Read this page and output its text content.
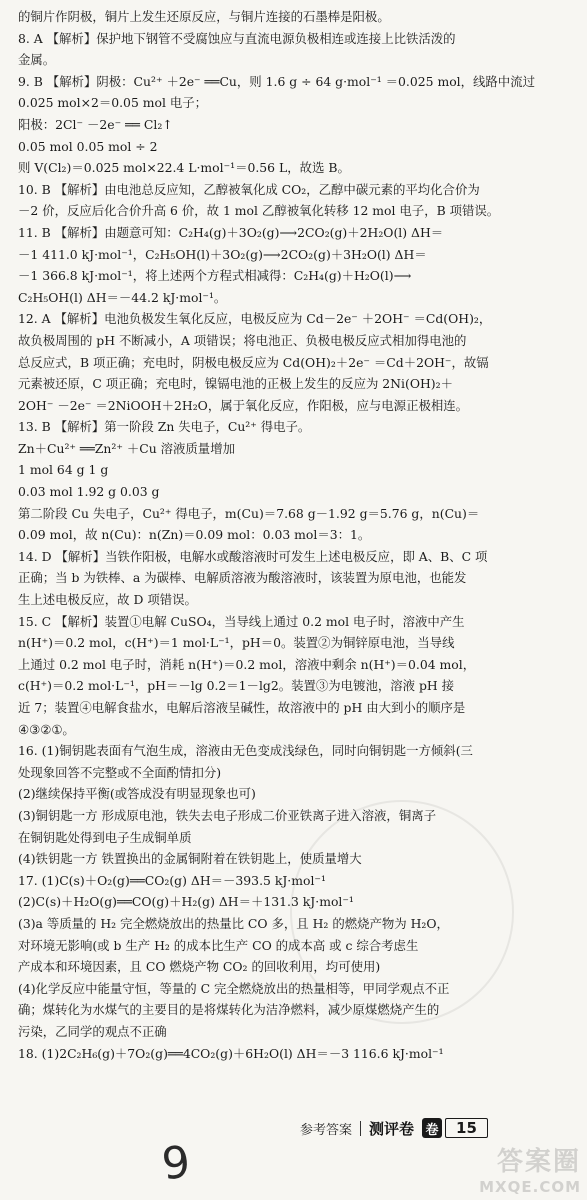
的铜片作阴极，铜片上发生还原反应，与铜片连接的石墨棒是阳极。
8. A 【解析】保护地下钢管不受腐蚀应与直流电源负极相连或连接上比铁活泼的
金属。
9. B 【解析】阴极：Cu²⁺ ＋2e⁻ ══Cu，则 1.6 g ÷ 64 g·mol⁻¹ ＝0.025 mol，线路中流过
0.025 mol×2＝0.05 mol 电子；
阳极：2Cl⁻ －2e⁻ ══ Cl₂↑
0.05 mol 0.05 mol ÷ 2
则 V(Cl₂)＝0.025 mol×22.4 L·mol⁻¹＝0.56 L，故选 B。
10. B 【解析】由电池总反应知，乙醇被氧化成 CO₂，乙醇中碳元素的平均化合价为
－2 价，反应后化合价升高 6 价，故 1 mol 乙醇被氧化转移 12 mol 电子，B 项错误。
11. B 【解析】由题意可知：C₂H₄(g)＋3O₂(g)⟶2CO₂(g)＋2H₂O(l) ΔH＝
－1 411.0 kJ·mol⁻¹，C₂H₅OH(l)＋3O₂(g)⟶2CO₂(g)＋3H₂O(l) ΔH＝
－1 366.8 kJ·mol⁻¹，将上述两个方程式相减得：C₂H₄(g)＋H₂O(l)⟶
C₂H₅OH(l) ΔH＝－44.2 kJ·mol⁻¹。
12. A 【解析】电池负极发生氧化反应，电极反应为 Cd－2e⁻ ＋2OH⁻ ＝Cd(OH)₂，
故负极周围的 pH 不断减小，A 项错误；将电池正、负极电极反应式相加得电池的
总反应式，B 项正确；充电时，阴极电极反应为 Cd(OH)₂＋2e⁻ ＝Cd＋2OH⁻，故镉
元素被还原，C 项正确；充电时，镍镉电池的正极上发生的反应为 2Ni(OH)₂＋
2OH⁻ －2e⁻ ＝2NiOOH＋2H₂O，属于氧化反应，作阳极，应与电源正极相连。
13. B 【解析】第一阶段 Zn 失电子，Cu²⁺ 得电子。
Zn＋Cu²⁺ ══Zn²⁺ ＋Cu 溶液质量增加
1 mol 64 g 1 g
0.03 mol 1.92 g 0.03 g
第二阶段 Cu 失电子，Cu²⁺ 得电子，m(Cu)＝7.68 g－1.92 g＝5.76 g，n(Cu)＝
0.09 mol，故 n(Cu)：n(Zn)＝0.09 mol：0.03 mol＝3：1。
14. D 【解析】当铁作阳极，电解水或酸溶液时可发生上述电极反应，即 A、B、C 项
正确；当 b 为铁棒、a 为碳棒、电解质溶液为酸溶液时，该装置为原电池，也能发
生上述电极反应，故 D 项错误。
15. C 【解析】装置①电解 CuSO₄，当导线上通过 0.2 mol 电子时，溶液中产生
n(H⁺)＝0.2 mol，c(H⁺)＝1 mol·L⁻¹，pH＝0。装置②为铜锌原电池，当导线
上通过 0.2 mol 电子时，消耗 n(H⁺)＝0.2 mol，溶液中剩余 n(H⁺)＝0.04 mol，
c(H⁺)＝0.2 mol·L⁻¹，pH＝－lg 0.2＝1－lg2。装置③为电镀池，溶液 pH 接
近 7；装置④电解食盐水，电解后溶液呈碱性，故溶液中的 pH 由大到小的顺序是
④③②①。
16. (1)铜钥匙表面有气泡生成，溶液由无色变成浅绿色，同时向铜钥匙一方倾斜(三
处现象回答不完整或不全面酌情扣分)
(2)继续保持平衡(或答成没有明显现象也可)
(3)铜钥匙一方 形成原电池，铁失去电子形成二价亚铁离子进入溶液，铜离子
在铜钥匙处得到电子生成铜单质
(4)铁钥匙一方 铁置换出的金属铜附着在铁钥匙上，使质量增大
17. (1)C(s)＋O₂(g)══CO₂(g) ΔH＝－393.5 kJ·mol⁻¹
(2)C(s)＋H₂O(g)══CO(g)＋H₂(g) ΔH＝＋131.3 kJ·mol⁻¹
(3)a 等质量的 H₂ 完全燃烧放出的热量比 CO 多，且 H₂ 的燃烧产物为 H₂O，
对环境无影响(或 b 生产 H₂ 的成本比生产 CO 的成本高 或 c 综合考虑生
产成本和环境因素，且 CO 燃烧产物 CO₂ 的回收利用，均可使用)
(4)化学反应中能量守恒，等量的 C 完全燃烧放出的热量相等，甲同学观点不正
确；煤转化为水煤气的主要目的是将煤转化为洁净燃料，减少原煤燃烧产生的
污染，乙同学的观点不正确
18. (1)2C₂H₆(g)＋7O₂(g)══4CO₂(g)＋6H₂O(l) ΔH＝－3 116.6 kJ·mol⁻¹
参考答案 测评卷 卷	15
9	答案圈
MXQE.COM
